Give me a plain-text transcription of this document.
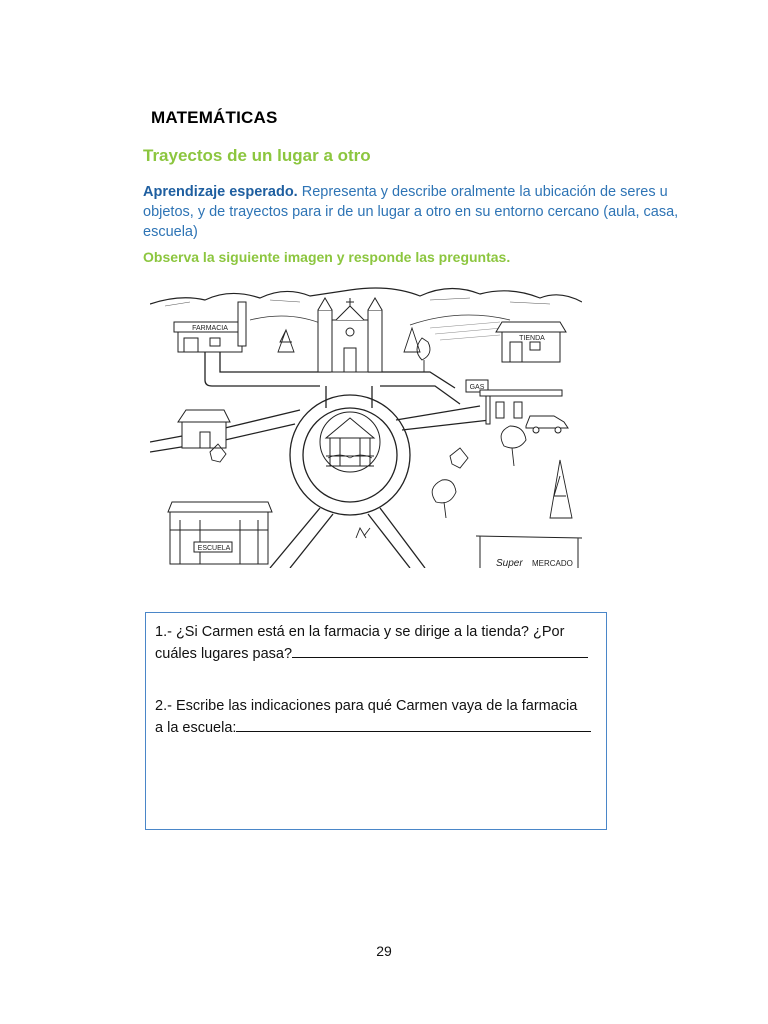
MATEMÁTICAS
Trayectos de un lugar a otro
Aprendizaje esperado. Representa y describe oralmente la ubicación de seres u objetos, y de trayectos para ir de un lugar a otro en su entorno cercano (aula, casa, escuela)
Observa la siguiente imagen y responde las preguntas.
FARMACIA
TIENDA
GAS
ESCUELA
Super MERCADO
1.- ¿Si Carmen está en la farmacia y se dirige a la tienda? ¿Por
cuáles lugares pasa?
2.- Escribe las indicaciones para qué Carmen vaya de la farmacia
a la escuela:
29
